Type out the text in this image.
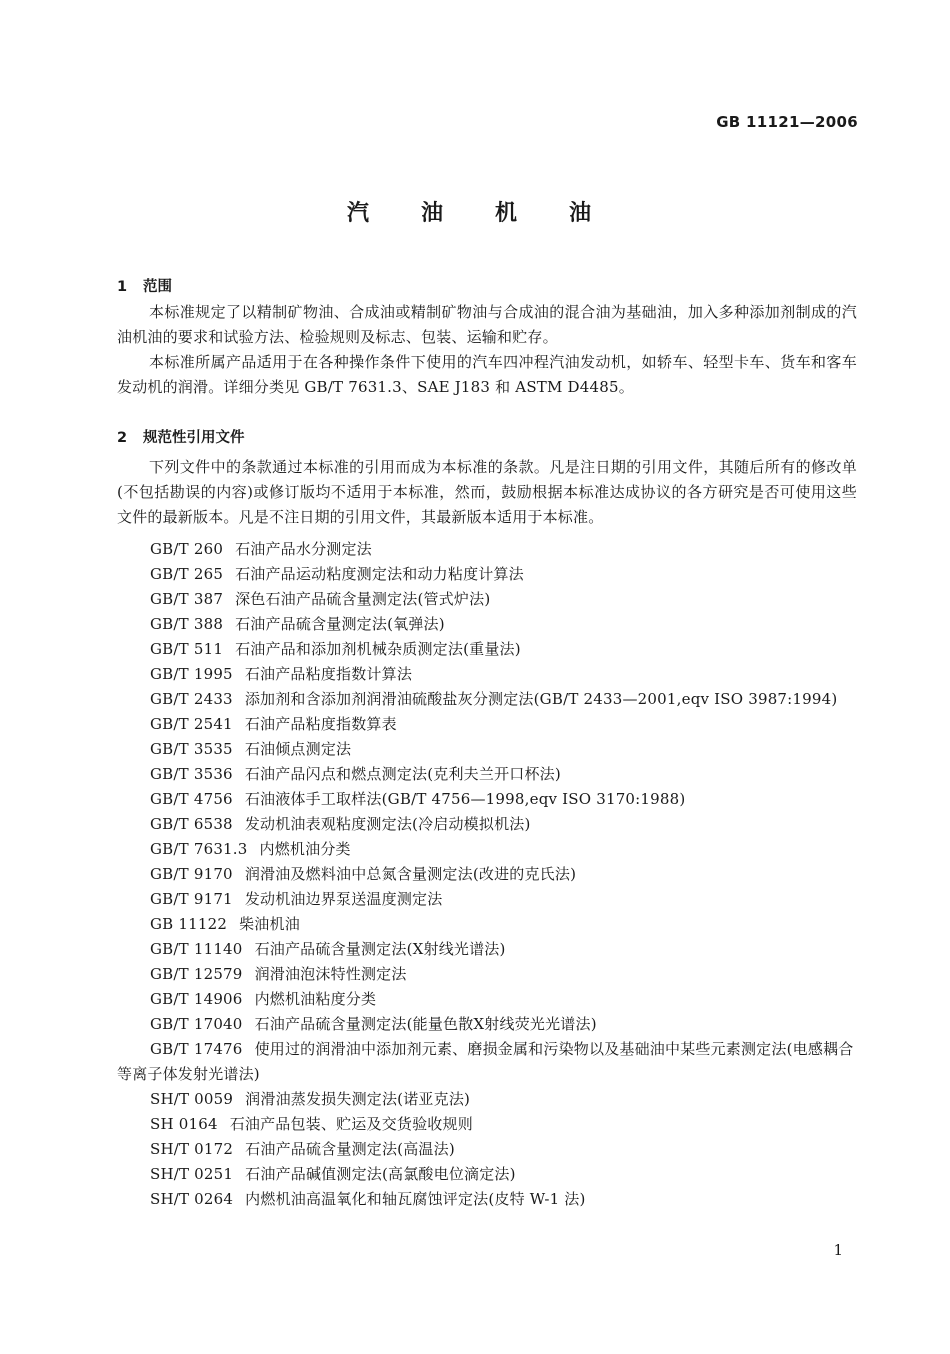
GB 11121—2006
汽油机油
1 范围

本标准规定了以精制矿物油、合成油或精制矿物油与合成油的混合油为基础油，加入多种添加剂制成的汽油机油的要求和试验方法、检验规则及标志、包装、运输和贮存。

本标准所属产品适用于在各种操作条件下使用的汽车四冲程汽油发动机，如轿车、轻型卡车、货车和客车发动机的润滑。详细分类见 GB/T 7631.3、SAE J183 和 ASTM D4485。

2 规范性引用文件

下列文件中的条款通过本标准的引用而成为本标准的条款。凡是注日期的引用文件，其随后所有的修改单(不包括勘误的内容)或修订版均不适用于本标准，然而，鼓励根据本标准达成协议的各方研究是否可使用这些文件的最新版本。凡是不注日期的引用文件，其最新版本适用于本标准。

GB/T 260 石油产品水分测定法
GB/T 265 石油产品运动粘度测定法和动力粘度计算法
GB/T 387 深色石油产品硫含量测定法(管式炉法)
GB/T 388 石油产品硫含量测定法(氧弹法)
GB/T 511 石油产品和添加剂机械杂质测定法(重量法)
GB/T 1995 石油产品粘度指数计算法
GB/T 2433 添加剂和含添加剂润滑油硫酸盐灰分测定法(GB/T 2433—2001,eqv ISO 3987:1994)
GB/T 2541 石油产品粘度指数算表
GB/T 3535 石油倾点测定法
GB/T 3536 石油产品闪点和燃点测定法(克利夫兰开口杯法)
GB/T 4756 石油液体手工取样法(GB/T 4756—1998,eqv ISO 3170:1988)
GB/T 6538 发动机油表观粘度测定法(冷启动模拟机法)
GB/T 7631.3 内燃机油分类
GB/T 9170 润滑油及燃料油中总氮含量测定法(改进的克氏法)
GB/T 9171 发动机油边界泵送温度测定法
GB 11122 柴油机油
GB/T 11140 石油产品硫含量测定法(X射线光谱法)
GB/T 12579 润滑油泡沫特性测定法
GB/T 14906 内燃机油粘度分类
GB/T 17040 石油产品硫含量测定法(能量色散X射线荧光光谱法)
GB/T 17476 使用过的润滑油中添加剂元素、磨损金属和污染物以及基础油中某些元素测定法(电感耦合等离子体发射光谱法)
SH/T 0059 润滑油蒸发损失测定法(诺亚克法)
SH 0164 石油产品包装、贮运及交货验收规则
SH/T 0172 石油产品硫含量测定法(高温法)
SH/T 0251 石油产品碱值测定法(高氯酸电位滴定法)
SH/T 0264 内燃机油高温氧化和轴瓦腐蚀评定法(皮特 W-1 法)
1
